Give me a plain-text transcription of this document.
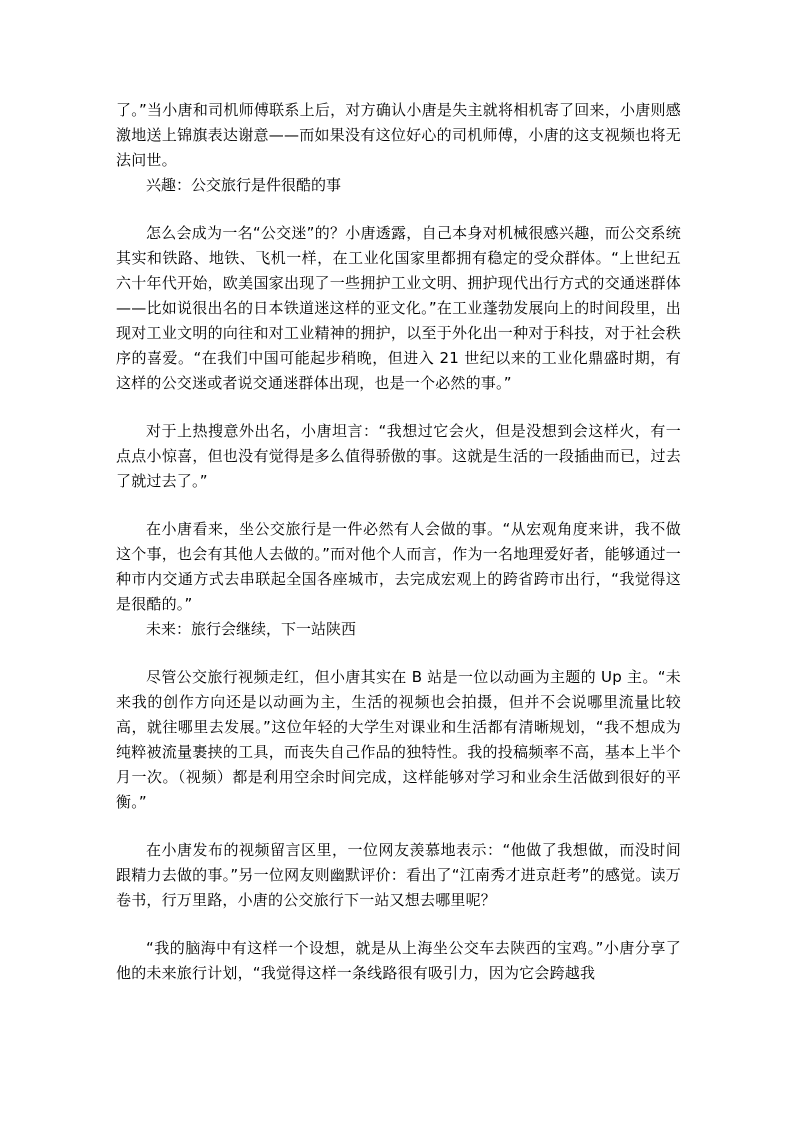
了。”当小唐和司机师傅联系上后，对方确认小唐是失主就将相机寄了回来，小唐则感激地送上锦旗表达谢意——而如果没有这位好心的司机师傅，小唐的这支视频也将无法问世。

兴趣：公交旅行是件很酷的事

怎么会成为一名“公交迷”的？小唐透露，自己本身对机械很感兴趣，而公交系统其实和铁路、地铁、飞机一样，在工业化国家里都拥有稳定的受众群体。“上世纪五六十年代开始，欧美国家出现了一些拥护工业文明、拥护现代出行方式的交通迷群体——比如说很出名的日本铁道迷这样的亚文化。”在工业蓬勃发展向上的时间段里，出现对工业文明的向往和对工业精神的拥护，以至于外化出一种对于科技，对于社会秩序的喜爱。“在我们中国可能起步稍晚，但进入 21 世纪以来的工业化鼎盛时期，有这样的公交迷或者说交通迷群体出现，也是一个必然的事。”

对于上热搜意外出名，小唐坦言：“我想过它会火，但是没想到会这样火，有一点点小惊喜，但也没有觉得是多么值得骄傲的事。这就是生活的一段插曲而已，过去了就过去了。”

在小唐看来，坐公交旅行是一件必然有人会做的事。“从宏观角度来讲，我不做这个事，也会有其他人去做的。”而对他个人而言，作为一名地理爱好者，能够通过一种市内交通方式去串联起全国各座城市，去完成宏观上的跨省跨市出行，“我觉得这是很酷的。”

未来：旅行会继续，下一站陕西

尽管公交旅行视频走红，但小唐其实在 B 站是一位以动画为主题的 Up 主。“未来我的创作方向还是以动画为主，生活的视频也会拍摄，但并不会说哪里流量比较高，就往哪里去发展。”这位年轻的大学生对课业和生活都有清晰规划，“我不想成为纯粹被流量裹挟的工具，而丧失自己作品的独特性。我的投稿频率不高，基本上半个月一次。（视频）都是利用空余时间完成，这样能够对学习和业余生活做到很好的平衡。”

在小唐发布的视频留言区里，一位网友羡慕地表示：“他做了我想做，而没时间跟精力去做的事。”另一位网友则幽默评价：看出了“江南秀才进京赶考”的感觉。读万卷书，行万里路，小唐的公交旅行下一站又想去哪里呢？

“我的脑海中有这样一个设想，就是从上海坐公交车去陕西的宝鸡。”小唐分享了他的未来旅行计划，“我觉得这样一条线路很有吸引力，因为它会跨越我
